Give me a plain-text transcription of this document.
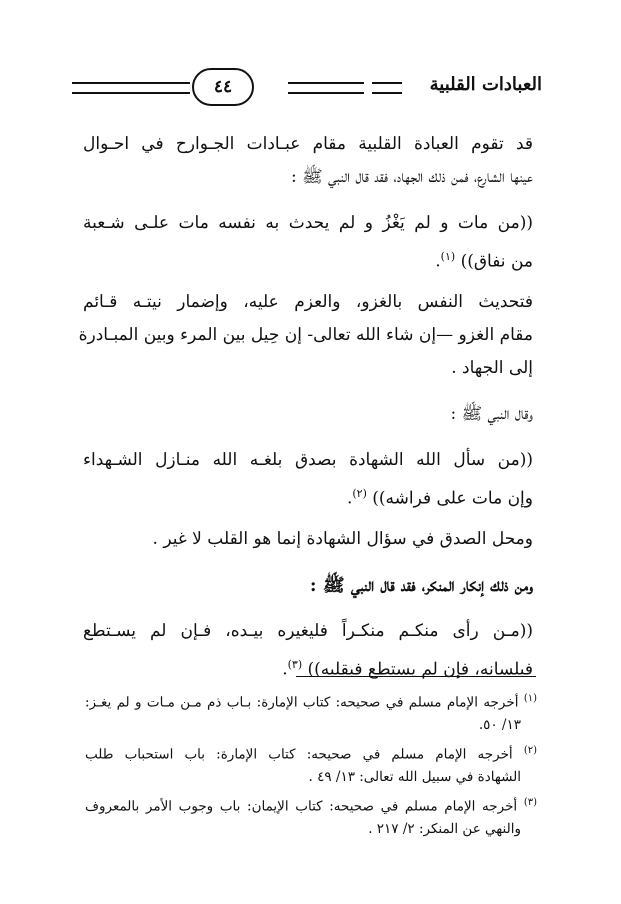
العبادات القلبية
٤٤
قد تقوم العبادة القلبية مقام عبـادات الجـوارح في احـوال
عينها الشارع، فمن ذلك الجهاد، فقد قال النبي ﷺ :
((من مات و لم يَغْزُ و لم يحدث به نفسه مات علـى شـعبة
من نفاق)) $^{(١)}$.
فتحديث النفس بالغزو، والعزم عليه، وإضمار نيتـه قـائم
مقام الغزو —إن شاء الله تعالى- إن حِيل بين المرء وبين المبـادرة
إلى الجهاد .
وقال النبي ﷺ :
((من سأل الله الشهادة بصدق بلغـه الله منـازل الشـهداء
وإن مات على فراشه)) $^{(٢)}$.
ومحل الصدق في سؤال الشهادة إنما هو القلب لا غير .
ومن ذلك إنكار المنكر، فقد قال النبي ﷺ :
((مـن رأى منكـم منكـراً فليغيره بيـده، فـإن لم يسـتطع
فبلسانه، فإن لم يستطع فبقلبه)) $^{(٣)}$.
$^{(١)}$ أخرجه الإمام مسلم في صحيحه: كتاب الإمارة: بـاب ذم مـن مـات و لم يغـز:
١٣/ ٥٠.
$^{(٢)}$ أخرجه الإمام مسلم في صحيحه: كتاب الإمارة: باب استحباب طلب
الشهادة في سبيل الله تعالى: ١٣/ ٤٩ .
$^{(٣)}$ أخرجه الإمام مسلم في صحيحه: كتاب الإيمان: باب وجوب الأمر بالمعروف
والنهي عن المنكر: ٢/ ٢١٧ .
